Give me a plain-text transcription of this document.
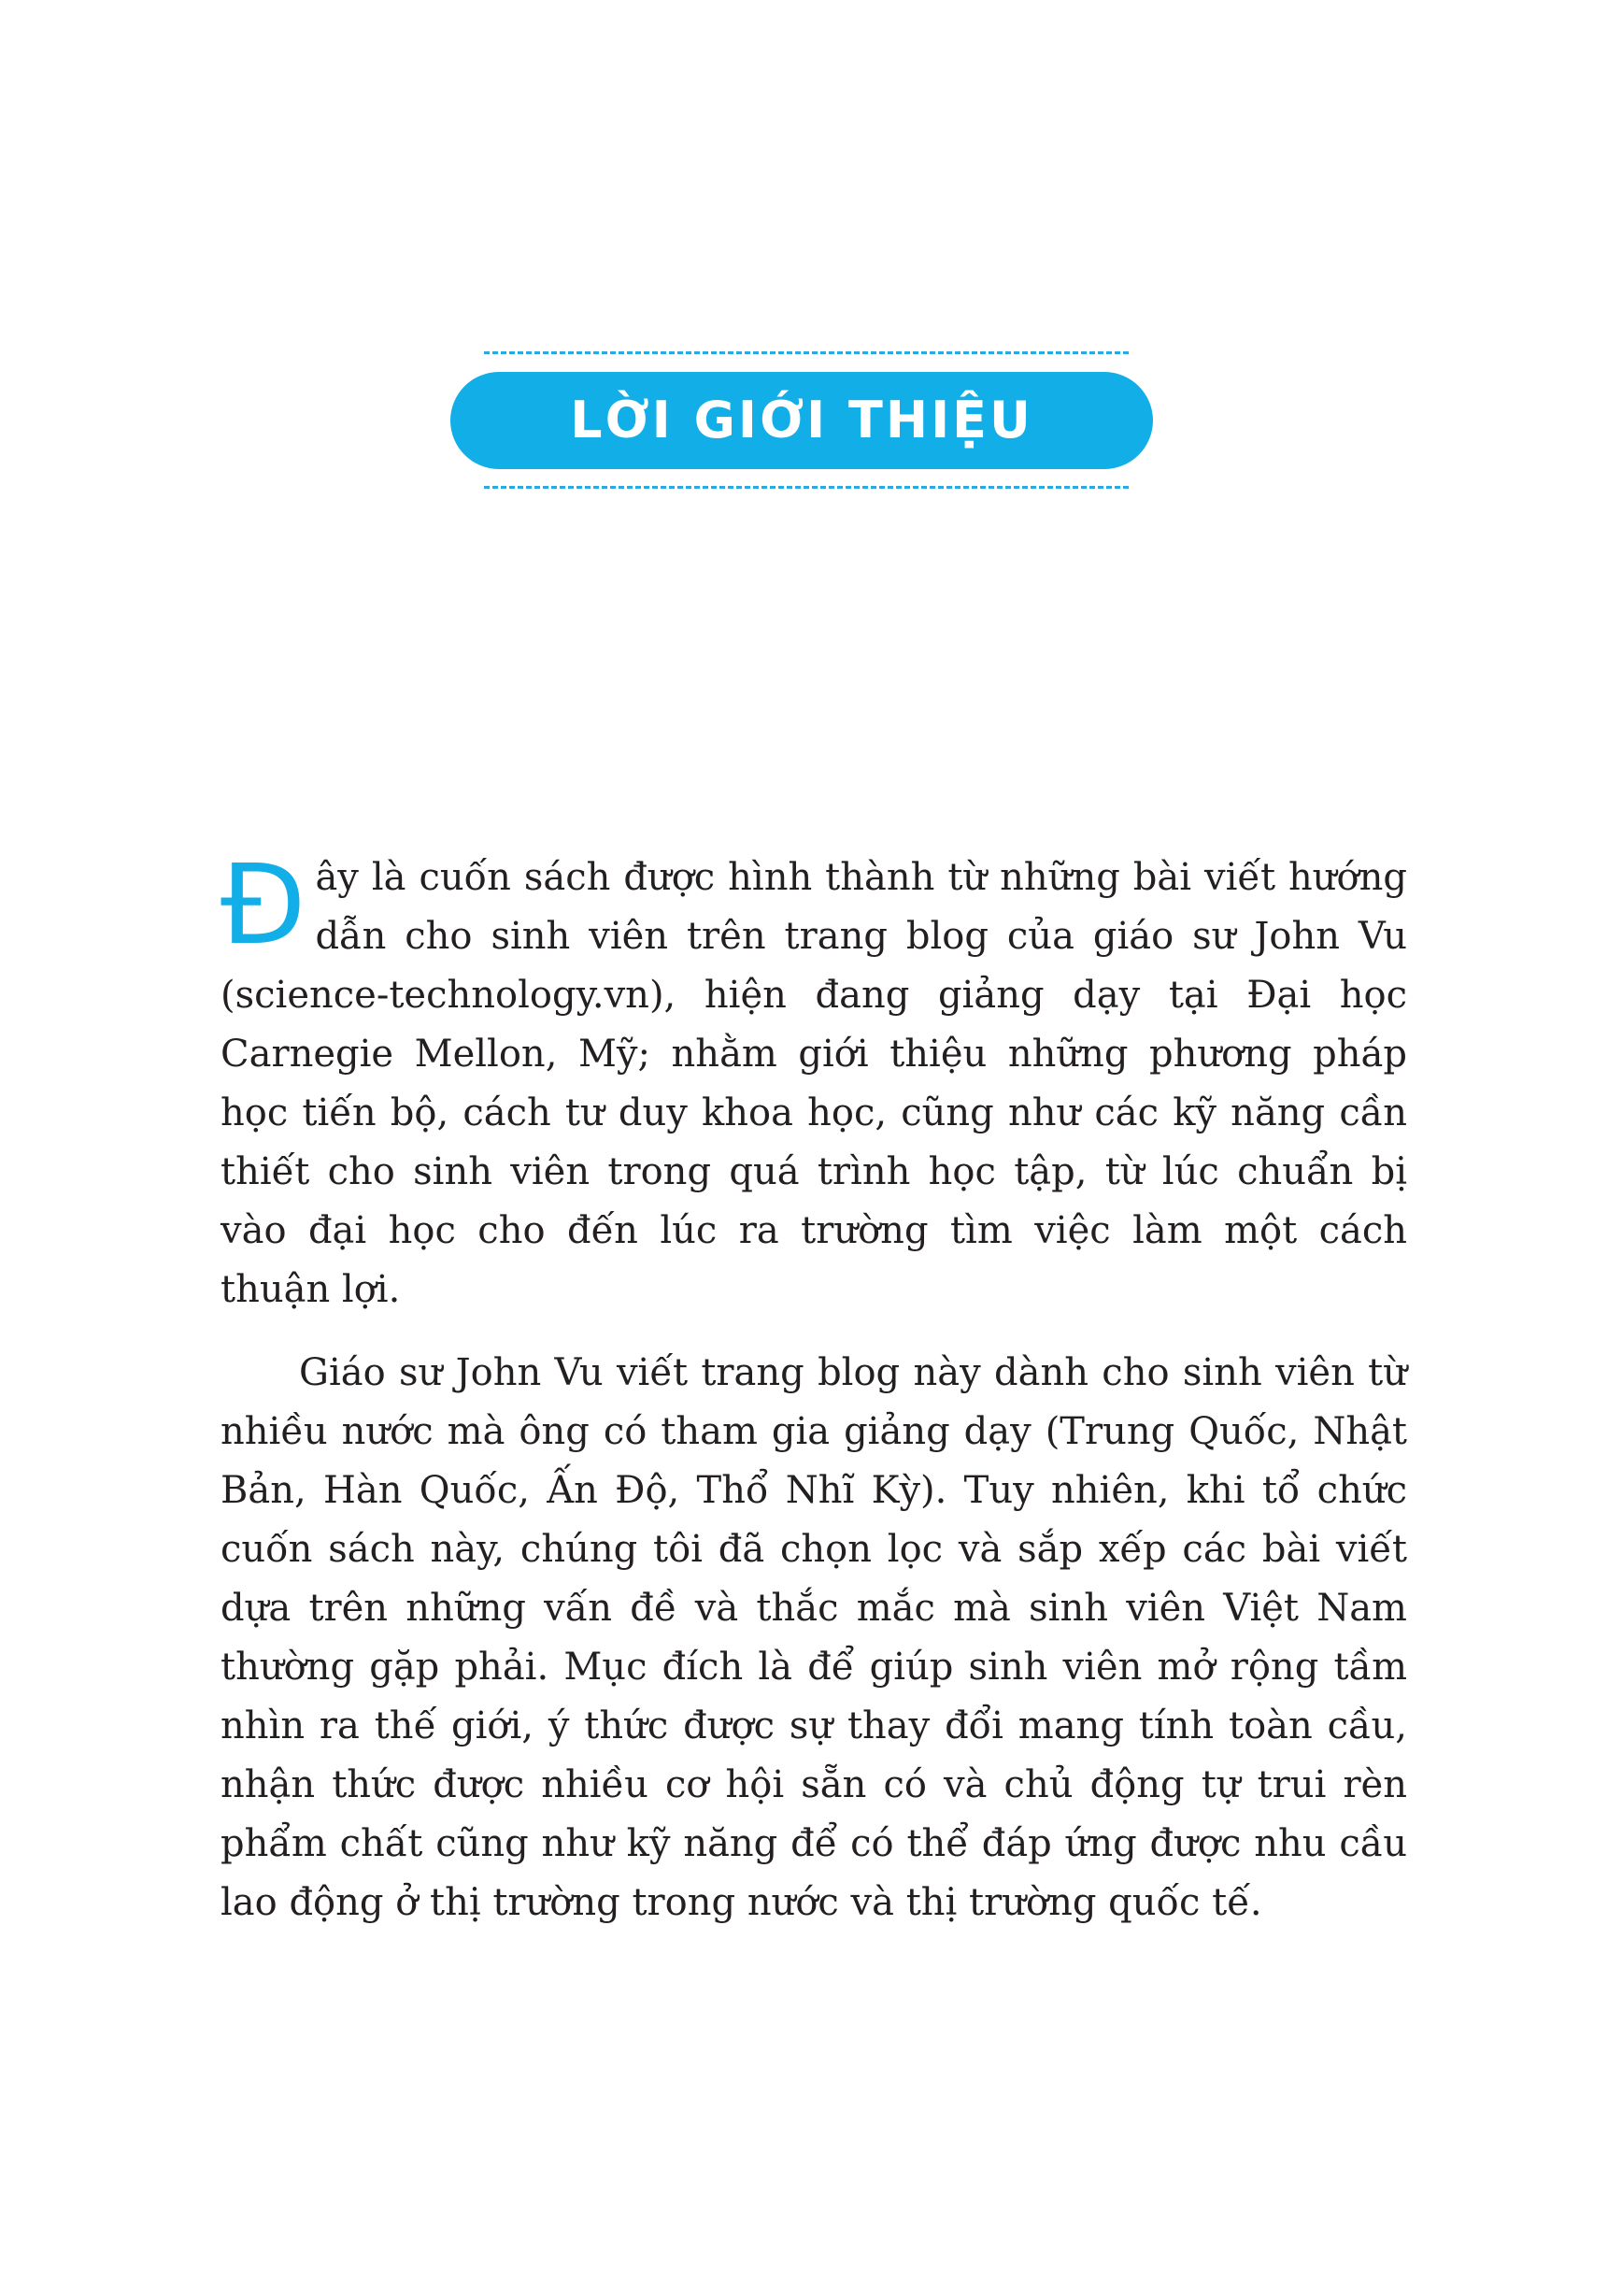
LỜI GIỚI THIỆU

Đây là cuốn sách được hình thành từ những bài viết hướng dẫn cho sinh viên trên trang blog của giáo sư John Vu (science-technology.vn), hiện đang giảng dạy tại Đại học Carnegie Mellon, Mỹ; nhằm giới thiệu những phương pháp học tiến bộ, cách tư duy khoa học, cũng như các kỹ năng cần thiết cho sinh viên trong quá trình học tập, từ lúc chuẩn bị vào đại học cho đến lúc ra trường tìm việc làm một cách thuận lợi.

Giáo sư John Vu viết trang blog này dành cho sinh viên từ nhiều nước mà ông có tham gia giảng dạy (Trung Quốc, Nhật Bản, Hàn Quốc, Ấn Độ, Thổ Nhĩ Kỳ). Tuy nhiên, khi tổ chức cuốn sách này, chúng tôi đã chọn lọc và sắp xếp các bài viết dựa trên những vấn đề và thắc mắc mà sinh viên Việt Nam thường gặp phải. Mục đích là để giúp sinh viên mở rộng tầm nhìn ra thế giới, ý thức được sự thay đổi mang tính toàn cầu, nhận thức được nhiều cơ hội sẵn có và chủ động tự trui rèn phẩm chất cũng như kỹ năng để có thể đáp ứng được nhu cầu lao động ở thị trường trong nước và thị trường quốc tế.
